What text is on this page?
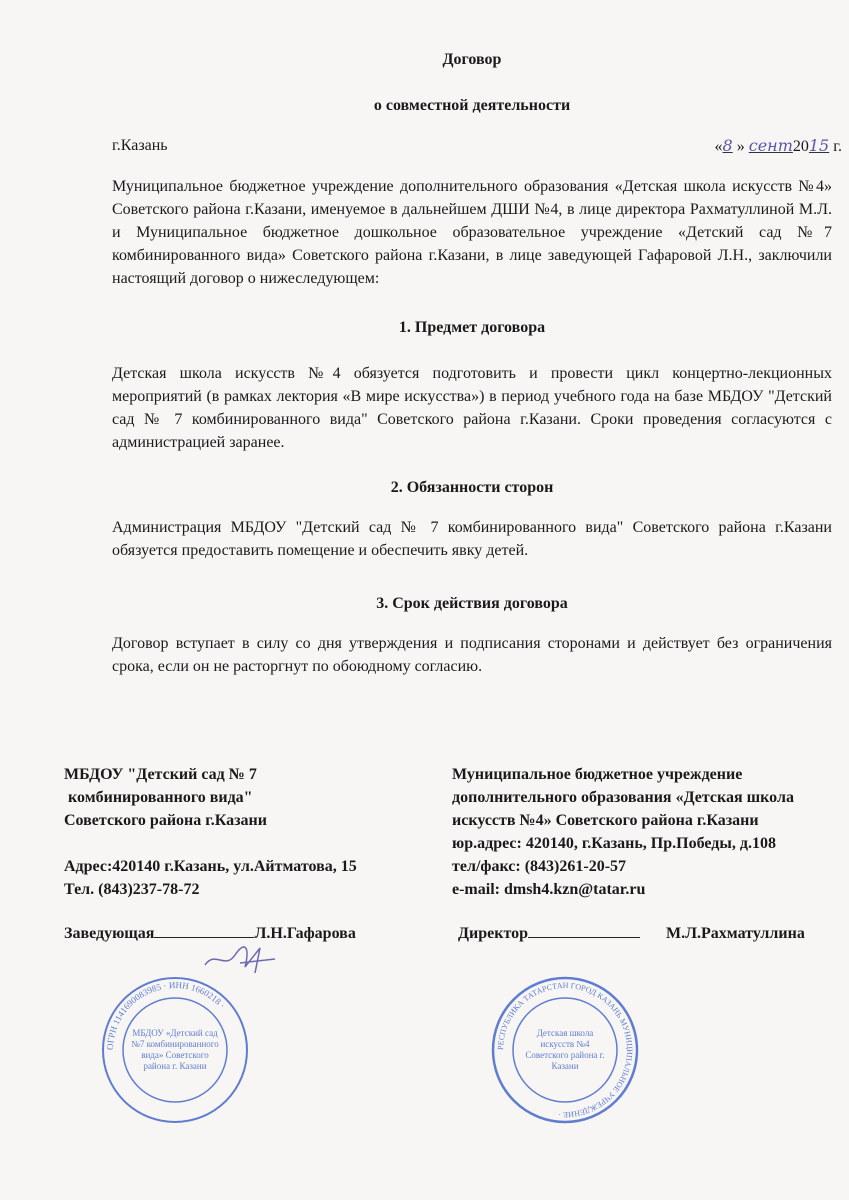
Договор
о совместной деятельности
г.Казань	«8 » сент2015 г.
Муниципальное бюджетное учреждение дополнительного образования «Детская школа искусств №4» Советского района г.Казани, именуемое в дальнейшем ДШИ №4, в лице директора Рахматуллиной М.Л. и Муниципальное бюджетное дошкольное образовательное учреждение «Детский сад №7 комбинированного вида» Советского района г.Казани, в лице заведующей Гафаровой Л.Н., заключили настоящий договор о нижеследующем:
1. Предмет договора
Детская школа искусств №4 обязуется подготовить и провести цикл концертно-лекционных мероприятий (в рамках лектория «В мире искусства») в период учебного года на базе МБДОУ "Детский сад № 7 комбинированного вида" Советского района г.Казани. Сроки проведения согласуются с администрацией заранее.
2. Обязанности сторон
Администрация МБДОУ "Детский сад № 7 комбинированного вида" Советского района г.Казани обязуется предоставить помещение и обеспечить явку детей.
3. Срок действия договора
Договор вступает в силу со дня утверждения и подписания сторонами и действует без ограничения срока, если он не расторгнут по обоюдному согласию.
МБДОУ "Детский сад № 7
комбинированного вида"
Советского района г.Казани
Адрес:420140 г.Казань, ул.Айтматова, 15
Тел. (843)237-78-72
Заведующая	Л.Н.Гафарова
Муниципальное бюджетное учреждение
дополнительного образования «Детская школа
искусств №4» Советского района г.Казани
юр.адрес: 420140, г.Казань, Пр.Победы, д.108
тел/факс: (843)261-20-57
e-mail: dmsh4.kzn@tatar.ru
Директор	М.Л.Рахматуллина
ОГРН 1141690083985 · ИНН 1660218 ·
МБДОУ «Детский сад №7 комбинированного вида» Советского района г. Казани
РЕСПУБЛИКА ТАТАРСТАН ГОРОД КАЗАНЬ МУНИЦИПАЛЬНОЕ УЧРЕЖДЕНИЕ ·
Детская школа искусств №4 Советского района г. Казани
